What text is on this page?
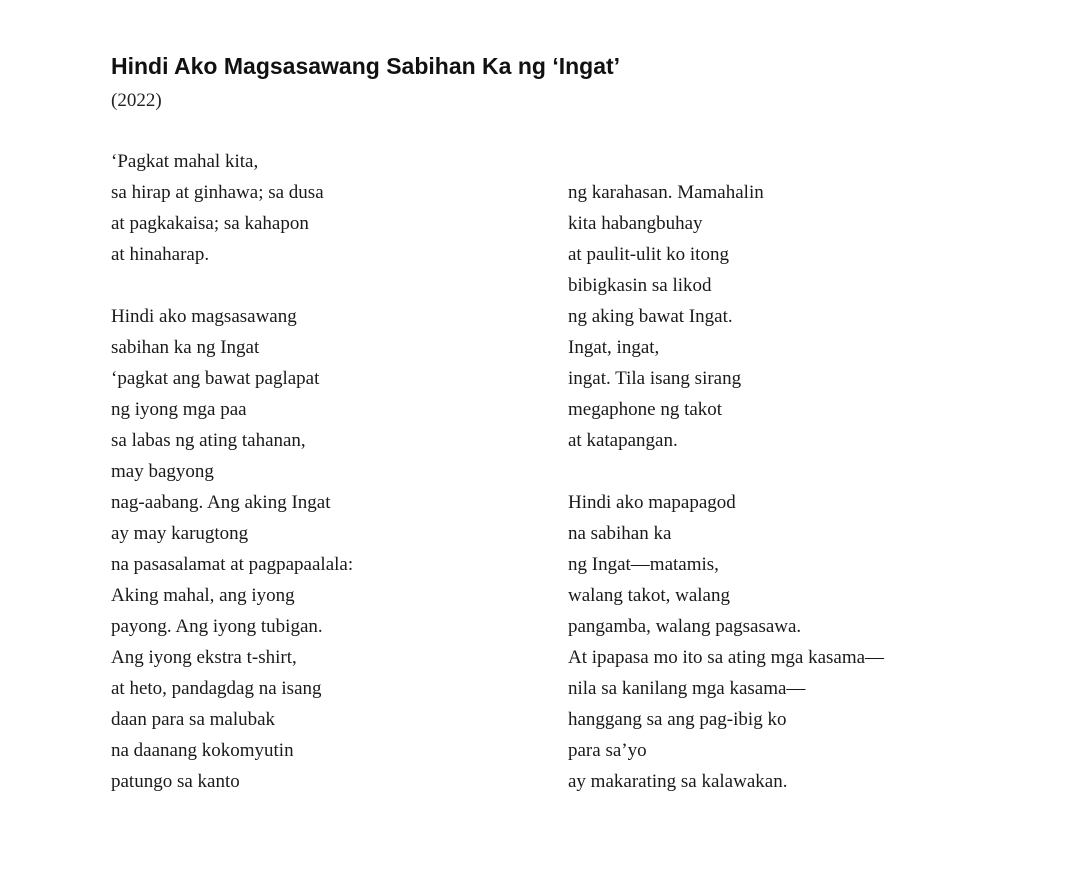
Hindi Ako Magsasawang Sabihan Ka ng ‘Ingat’

(2022)

‘Pagkat mahal kita,
sa hirap at ginhawa; sa dusa
at pagkakaisa; sa kahapon
at hinaharap.
Hindi ako magsasawang
sabihan ka ng Ingat
‘pagkat ang bawat paglapat
ng iyong mga paa
sa labas ng ating tahanan,
may bagyong
nag-aabang. Ang aking Ingat
ay may karugtong
na pasasalamat at pagpapaalala:
Aking mahal, ang iyong
payong. Ang iyong tubigan.
Ang iyong ekstra t-shirt,
at heto, pandagdag na isang
daan para sa malubak
na daanang kokomyutin
patungo sa kanto
ng karahasan. Mamahalin
kita habangbuhay
at paulit-ulit ko itong
bibigkasin sa likod
ng aking bawat Ingat.
Ingat, ingat,
ingat. Tila isang sirang
megaphone ng takot
at katapangan.
Hindi ako mapapagod
na sabihan ka
ng Ingat—matamis,
walang takot, walang
pangamba, walang pagsasawa.
At ipapasa mo ito sa ating mga kasama—
nila sa kanilang mga kasama—
hanggang sa ang pag-ibig ko
para sa’yo
ay makarating sa kalawakan.
